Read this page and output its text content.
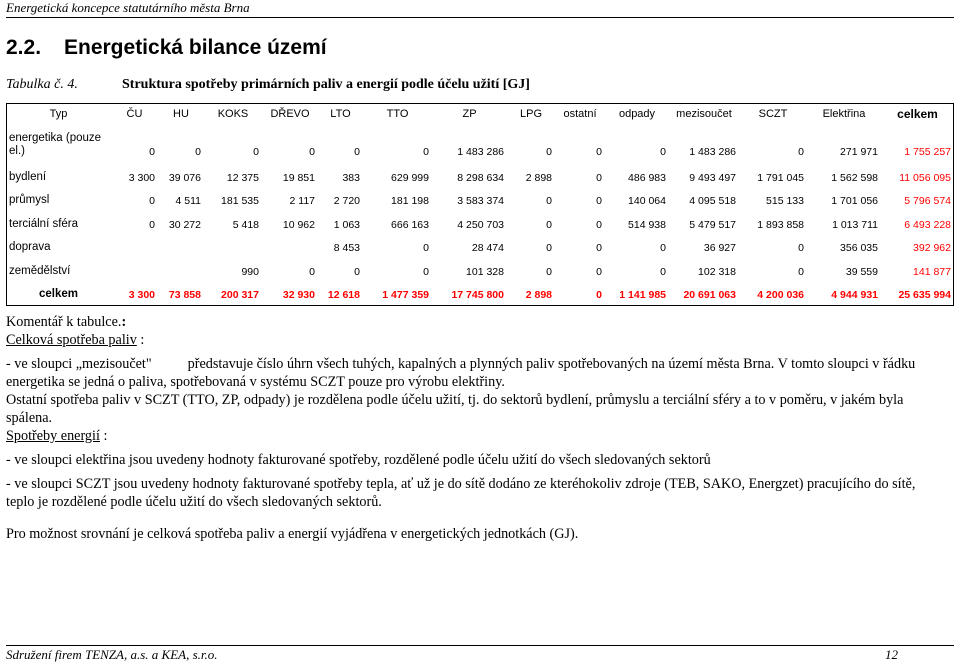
Energetická koncepce statutárního města Brna
2.2. Energetická bilance území
Tabulka č. 4.	Struktura spotřeby primárních paliv a energií podle účelu užití [GJ]
Typ	ČU	HU	KOKS	DŘEVO	LTO	TTO	ZP	LPG	ostatní	odpady	mezisoučet	SCZT	Elektřina	celkem
energetika (pouze el.)	0	0	0	0	0	0	1 483 286	0	0	0	1 483 286	0	271 971	1 755 257
bydlení	3 300	39 076	12 375	19 851	383	629 999	8 298 634	2 898	0	486 983	9 493 497	1 791 045	1 562 598	11 056 095
průmysl	0	4 511	181 535	2 117	2 720	181 198	3 583 374	0	0	140 064	4 095 518	515 133	1 701 056	5 796 574
terciální sféra	0	30 272	5 418	10 962	1 063	666 163	4 250 703	0	0	514 938	5 479 517	1 893 858	1 013 711	6 493 228
doprava					8 453	0	28 474	0	0	0	36 927	0	356 035	392 962
zemědělství			990	0	0	0	101 328	0	0	0	102 318	0	39 559	141 877
celkem	3 300	73 858	200 317	32 930	12 618	1 477 359	17 745 800	2 898	0	1 141 985	20 691 063	4 200 036	4 944 931	25 635 994

Komentář k tabulce.:

Celková spotřeba paliv :

- ve sloupci „mezisoučet"	představuje číslo úhrn všech tuhých, kapalných a plynných paliv spotřebovaných na území města Brna. V tomto sloupci v řádku energetika se jedná o paliva, spotřebovaná v systému SCZT pouze pro výrobu elektřiny.

Ostatní spotřeba paliv v SCZT (TTO, ZP, odpady) je rozdělena podle účelu užití, tj. do sektorů bydlení, průmyslu a terciální sféry a to v poměru, v jakém byla spálena.

Spotřeby energií :

- ve sloupci elektřina jsou uvedeny hodnoty fakturované spotřeby, rozdělené podle účelu užití do všech sledovaných sektorů

- ve sloupci SCZT jsou uvedeny hodnoty fakturované spotřeby tepla, ať už je do sítě dodáno ze kteréhokoliv zdroje (TEB, SAKO, Energzet) pracujícího do sítě, teplo je rozdělené podle účelu užití do všech sledovaných sektorů.

Pro možnost srovnání je celková spotřeba paliv a energií vyjádřena v energetických jednotkách (GJ).

Sdružení firem TENZA, a.s. a KEA, s.r.o.	12
